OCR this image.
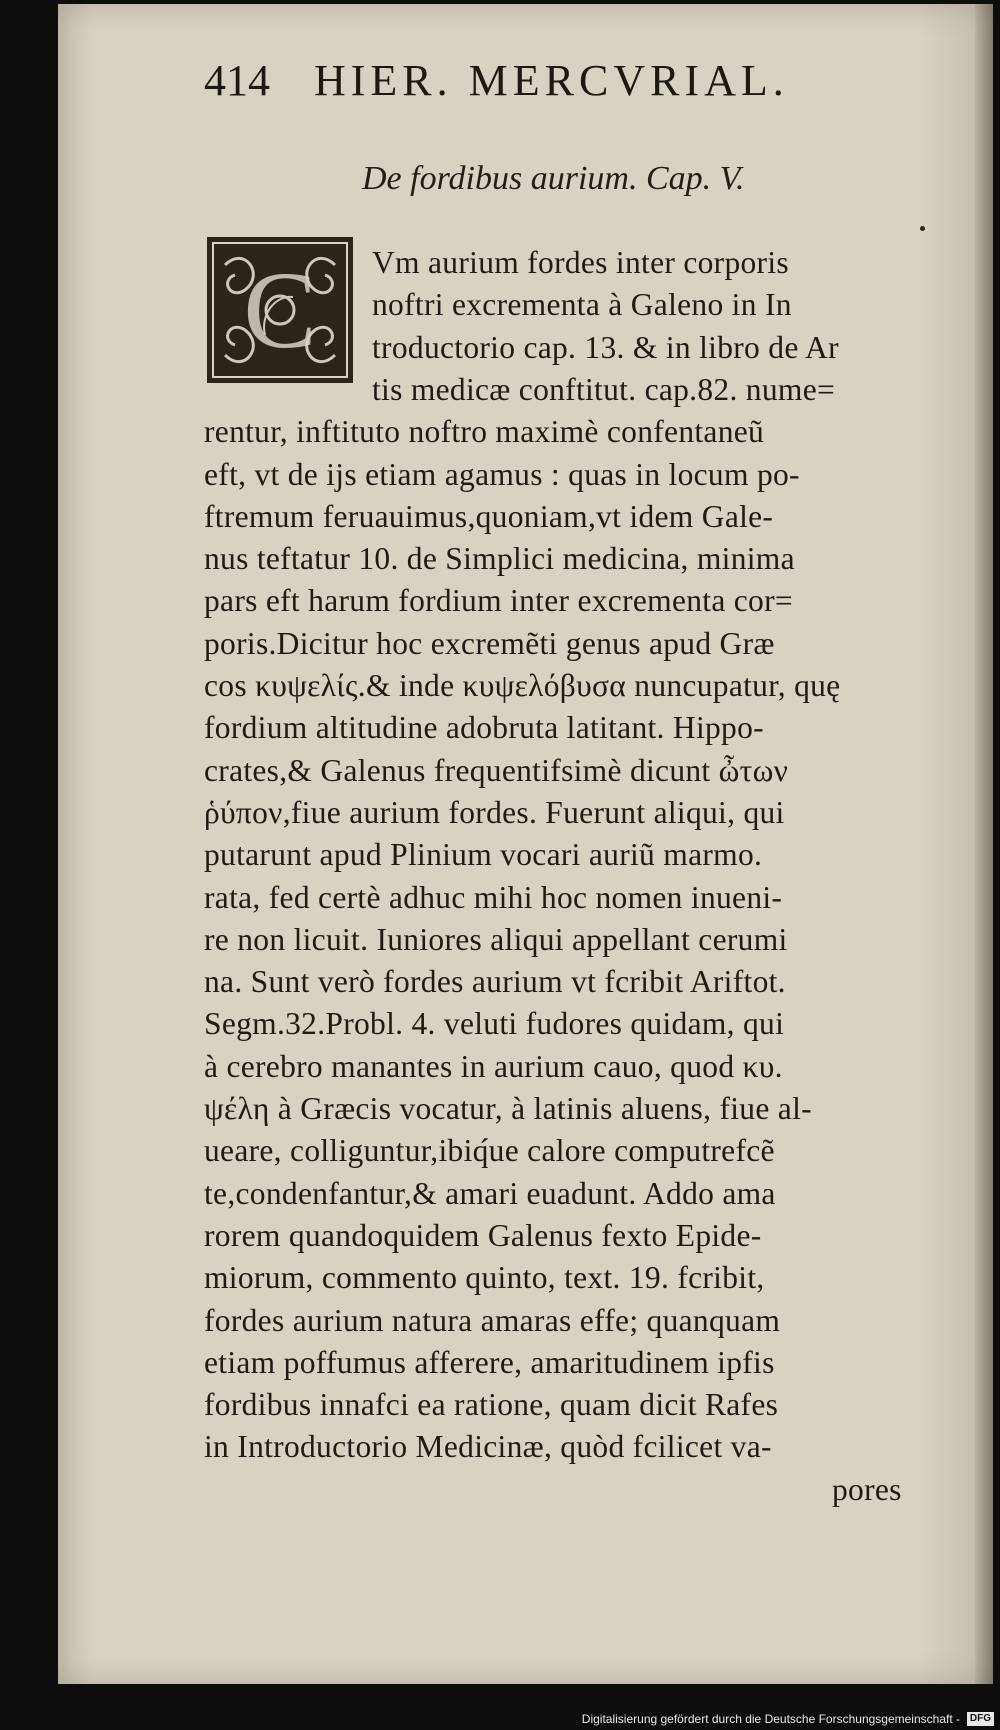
414 HIER. MERCVRIAL.
De fordibus aurium. Cap. V.
C Vm aurium fordes inter corporis
noftri excrementa à Galeno in In
troductorio cap. 13. & in libro de Ar
tis medicæ conftitut. cap.82. nume=
rentur, inftituto noftro maximè confentaneũ
eft, vt de ijs etiam agamus : quas in locum po-
ftremum feruauimus,quoniam,vt idem Gale-
nus teftatur 10. de Simplici medicina, minima
pars eft harum fordium inter excrementa cor=
poris.Dicitur hoc excremẽti genus apud Græ
cos κυψελίς.& inde κυψελόβυσα nuncupatur, quę
fordium altitudine adobruta latitant. Hippo-
crates,& Galenus frequentifsimè dicunt ὦτων
ῥύπον,fiue aurium fordes. Fuerunt aliqui, qui
putarunt apud Plinium vocari auriũ marmo.
rata, fed certè adhuc mihi hoc nomen inueni-
re non licuit. Iuniores aliqui appellant cerumi
na. Sunt verò fordes aurium vt fcribit Ariftot.
Segm.32.Probl. 4. veluti fudores quidam, qui
à cerebro manantes in aurium cauo, quod κυ.
ψέλη à Græcis vocatur, à latinis aluens, fiue al-
ueare, colliguntur,ibiq́ue calore computrefcẽ
te,condenfantur,& amari euadunt. Addo ama
rorem quandoquidem Galenus fexto Epide-
miorum, commento quinto, text. 19. fcribit,
fordes aurium natura amaras effe; quanquam
etiam poffumus afferere, amaritudinem ipfis
fordibus innafci ea ratione, quam dicit Rafes
in Introductorio Medicinæ, quòd fcilicet va-
pores
Digitalisierung gefördert durch die Deutsche Forschungsgemeinschaft - DFG
